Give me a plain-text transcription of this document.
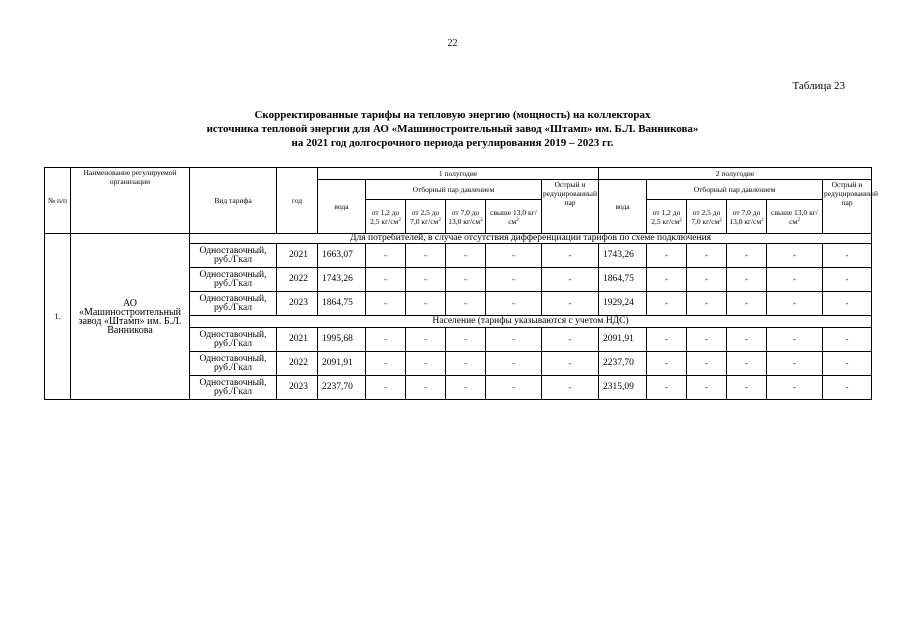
22
Таблица 23
Скорректированные тарифы на тепловую энергию (мощность) на коллекторах
источника тепловой энергии для АО «Машиностроительный завод «Штамп» им. Б.Л. Ванникова»
на 2021 год долгосрочного периода регулирования 2019 – 2023 гг.
№ п/п	Наименование регулируемой организации	Вид тарифа	год	1 полугодие						2 полугодие					
				вода	Отборный пар давлением				Острый и редуцированный пар	вода	Отборный пар давлением				Острый и редуцированный пар
					от 1,2 до 2,5 $кг/см^2$	от 2,5 до 7,0 $кг/см^2$	от 7,0 до 13,0 $кг/см^2$	свыше 13,0 $кг/см^2$			от 1,2 до 2,5 $кг/см^2$	от 2,5 до 7,0 $кг/см^2$	от 7,0 до 13,0 $кг/см^2$	свыше 13,0 $кг/см^2$
1.	АО «Машиностроительный завод «Штамп» им. Б.Л. Ванникова	Для потребителей, в случае отсутствия дифференциации тарифов по схеме подключения													
		Одноставочный, руб./Гкал	2021	1663,07	-	-	-	-	-	1743,26	-	-	-	-	-
		Одноставочный, руб./Гкал	2022	1743,26	-	-	-	-	-	1864,75	-	-	-	-	-
		Одноставочный, руб./Гкал	2023	1864,75	-	-	-	-	-	1929,24	-	-	-	-	-
		Население (тарифы указываются с учетом НДС)													
		Одноставочный, руб./Гкал	2021	1995,68	-	-	-	-	-	2091,91	-	-	-	-	-
		Одноставочный, руб./Гкал	2022	2091,91	-	-	-	-	-	2237,70	-	-	-	-	-
		Одноставочный, руб./Гкал	2023	2237,70	-	-	-	-	-	2315,09	-	-	-	-	-
